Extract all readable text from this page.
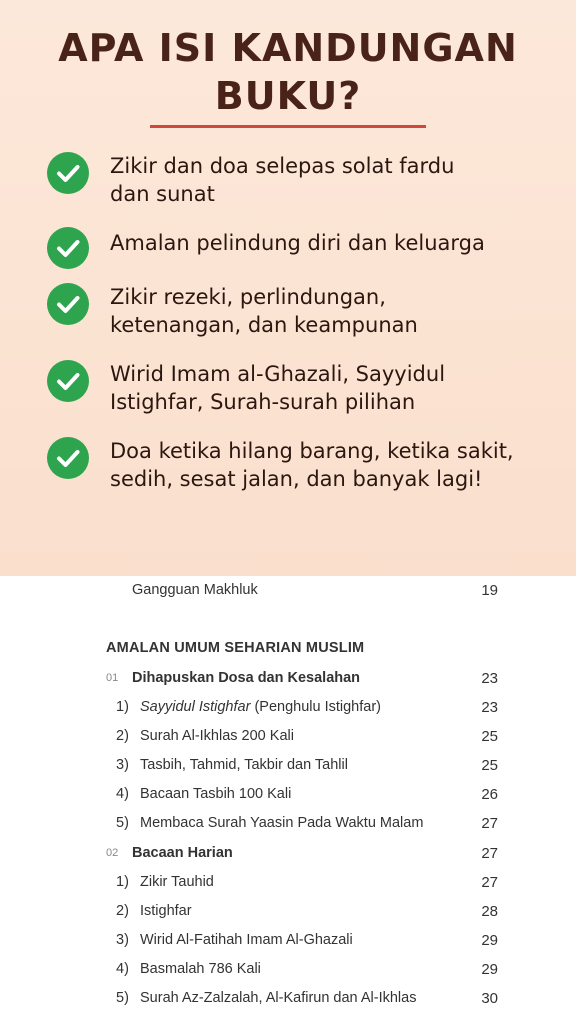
APA ISI KANDUNGAN
BUKU?
Zikir dan doa selepas solat fardu
dan sunat
Amalan pelindung diri dan keluarga
Zikir rezeki, perlindungan,
ketenangan, dan keampunan
Wirid Imam al-Ghazali, Sayyidul
Istighfar, Surah-surah pilihan
Doa ketika hilang barang, ketika sakit,
sedih, sesat jalan, dan banyak lagi!
Gangguan Makhluk	19
AMALAN UMUM SEHARIAN MUSLIM
01 Dihapuskan Dosa dan Kesalahan	23
1) Sayyidul Istighfar (Penghulu Istighfar)	23
2) Surah Al-Ikhlas 200 Kali	25
3) Tasbih, Tahmid, Takbir dan Tahlil	25
4) Bacaan Tasbih 100 Kali	26
5) Membaca Surah Yaasin Pada Waktu Malam	27
02 Bacaan Harian	27
1) Zikir Tauhid	27
2) Istighfar	28
3) Wirid Al-Fatihah Imam Al-Ghazali	29
4) Basmalah 786 Kali	29
5) Surah Az-Zalzalah, Al-Kafirun dan Al-Ikhlas	30
